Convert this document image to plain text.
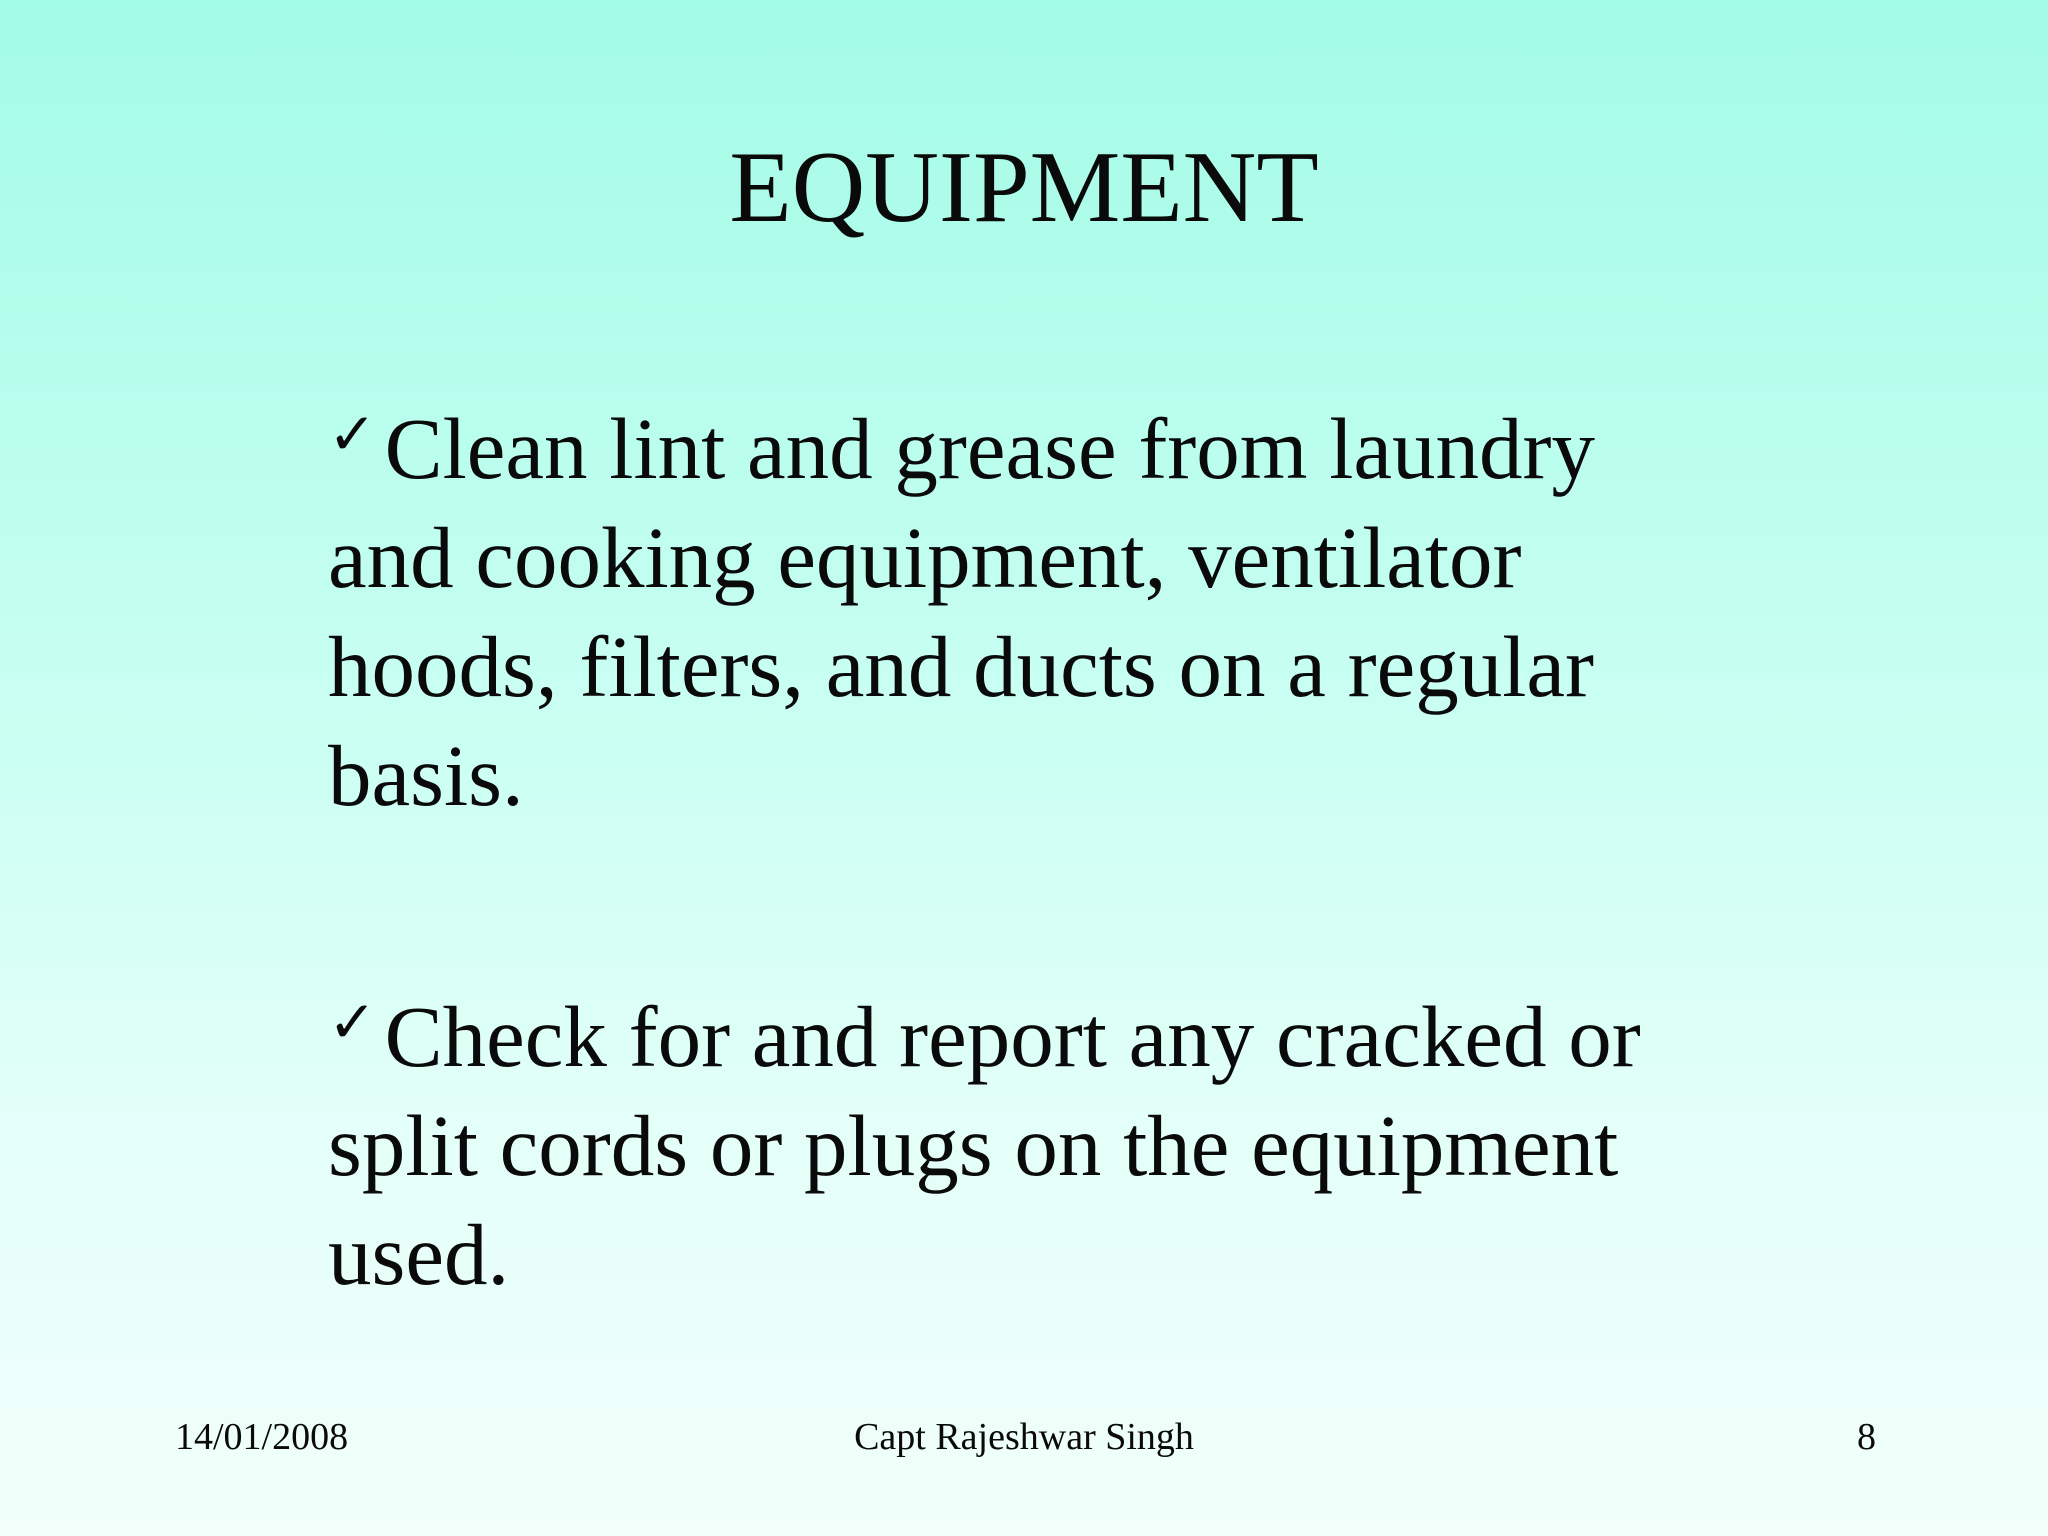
EQUIPMENT

✓Clean lint and grease from laundry and cooking equipment, ventilator hoods, filters, and ducts on a regular basis.

✓Check for and report any cracked or split cords or plugs on the equipment used.

14/01/2008	Capt Rajeshwar Singh	8
